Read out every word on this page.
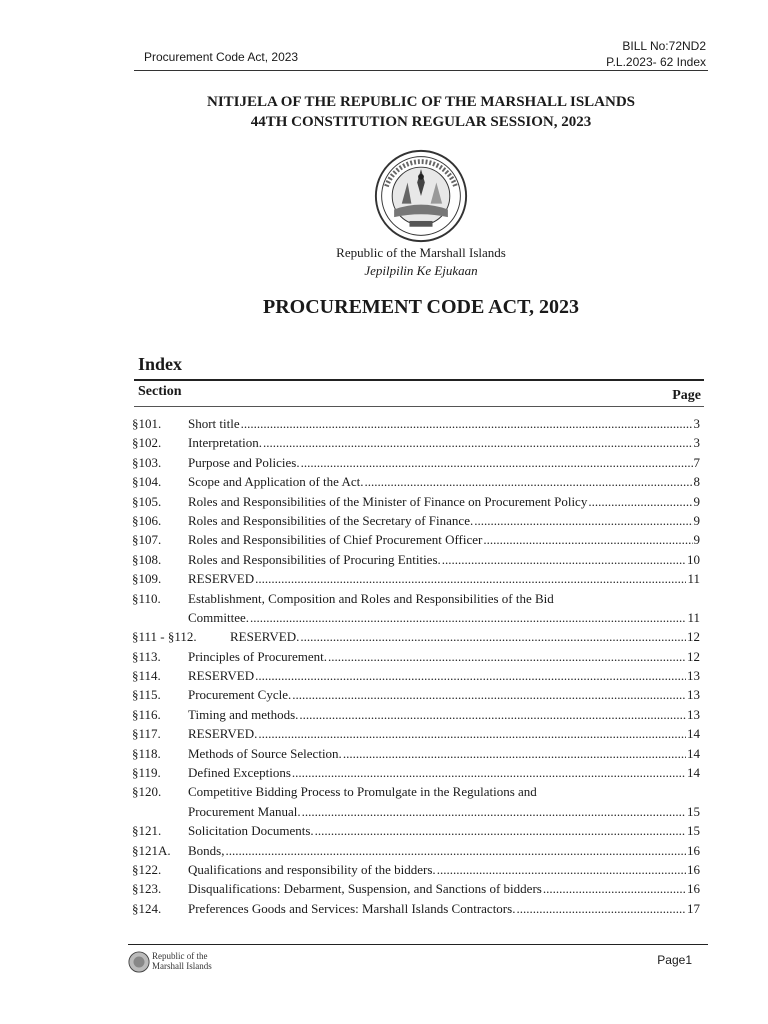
Procurement Code Act, 2023
BILL No:72ND2
P.L.2023- 62 Index
NITIJELA OF THE REPUBLIC OF THE MARSHALL ISLANDS
44TH CONSTITUTION REGULAR SESSION, 2023
Republic of the Marshall Islands
Jepilpilin Ke Ejukaan
PROCUREMENT CODE ACT, 2023
Index
Section	Page
§101.	Short title .....	3
§102.	Interpretation. .....	3
§103.	Purpose and Policies. .....	7
§104.	Scope and Application of the Act. .....	8
§105.	Roles and Responsibilities of the Minister of Finance on Procurement Policy .....	9
§106.	Roles and Responsibilities of the Secretary of Finance. .....	9
§107.	Roles and Responsibilities of Chief Procurement Officer .....	9
§108.	Roles and Responsibilities of Procuring Entities. .....	10
§109.	RESERVED .....	11
§110.	Establishment, Composition and Roles and Responsibilities of the Bid
Committee. .....	11
§111 - §112.	RESERVED. .....	12
§113.	Principles of Procurement. .....	12
§114.	RESERVED .....	13
§115.	Procurement Cycle. .....	13
§116.	Timing and methods. .....	13
§117.	RESERVED. .....	14
§118.	Methods of Source Selection. .....	14
§119.	Defined Exceptions .....	14
§120.	Competitive Bidding Process to Promulgate in the Regulations and
Procurement Manual. .....	15
§121.	Solicitation Documents. .....	15
§121A.	Bonds, .....	16
§122.	Qualifications and responsibility of the bidders. .....	16
§123.	Disqualifications: Debarment, Suspension, and Sanctions of bidders .....	16
§124.	Preferences Goods and Services: Marshall Islands Contractors. .....	17
Republic of the
Marshall Islands	Page1
